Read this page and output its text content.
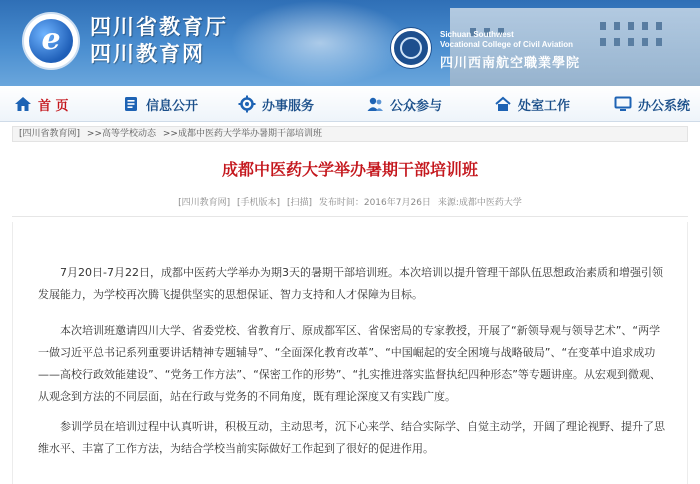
e	四川省教育厅
四川教育网
Sichuan Southwest
Vocational College of Civil Aviation
四川西南航空職業學院
首 页	信息公开	办事服务	公众参与	处室工作	办公系统
[四川省教育网] >>高等学校动态 >>成都中医药大学举办暑期干部培训班
成都中医药大学举办暑期干部培训班
[四川教育网] [手机版本] [扫描] 发布时间：2016年7月26日 来源:成都中医药大学
7月20日-7月22日，成都中医药大学举办为期3天的暑期干部培训班。本次培训以提升管理干部队伍思想政治素质和增强引领发展能力，为学校再次腾飞提供坚实的思想保证、智力支持和人才保障为目标。
本次培训班邀请四川大学、省委党校、省教育厅、原成都军区、省保密局的专家教授，开展了“新领导观与领导艺术”、“两学一做习近平总书记系列重要讲话精神专题辅导”、“全面深化教育改革”、“中国崛起的安全困境与战略破局”、“在变革中追求成功——高校行政效能建设”、“党务工作方法”、“保密工作的形势”、“扎实推进落实监督执纪四种形态”等专题讲座。从宏观到微观、从观念到方法的不同层面，站在行政与党务的不同角度，既有理论深度又有实践广度。
参训学员在培训过程中认真听讲，积极互动，主动思考，沉下心来学、结合实际学、自觉主动学，开阔了理论视野、提升了思维水平、丰富了工作方法，为结合学校当前实际做好工作起到了很好的促进作用。
